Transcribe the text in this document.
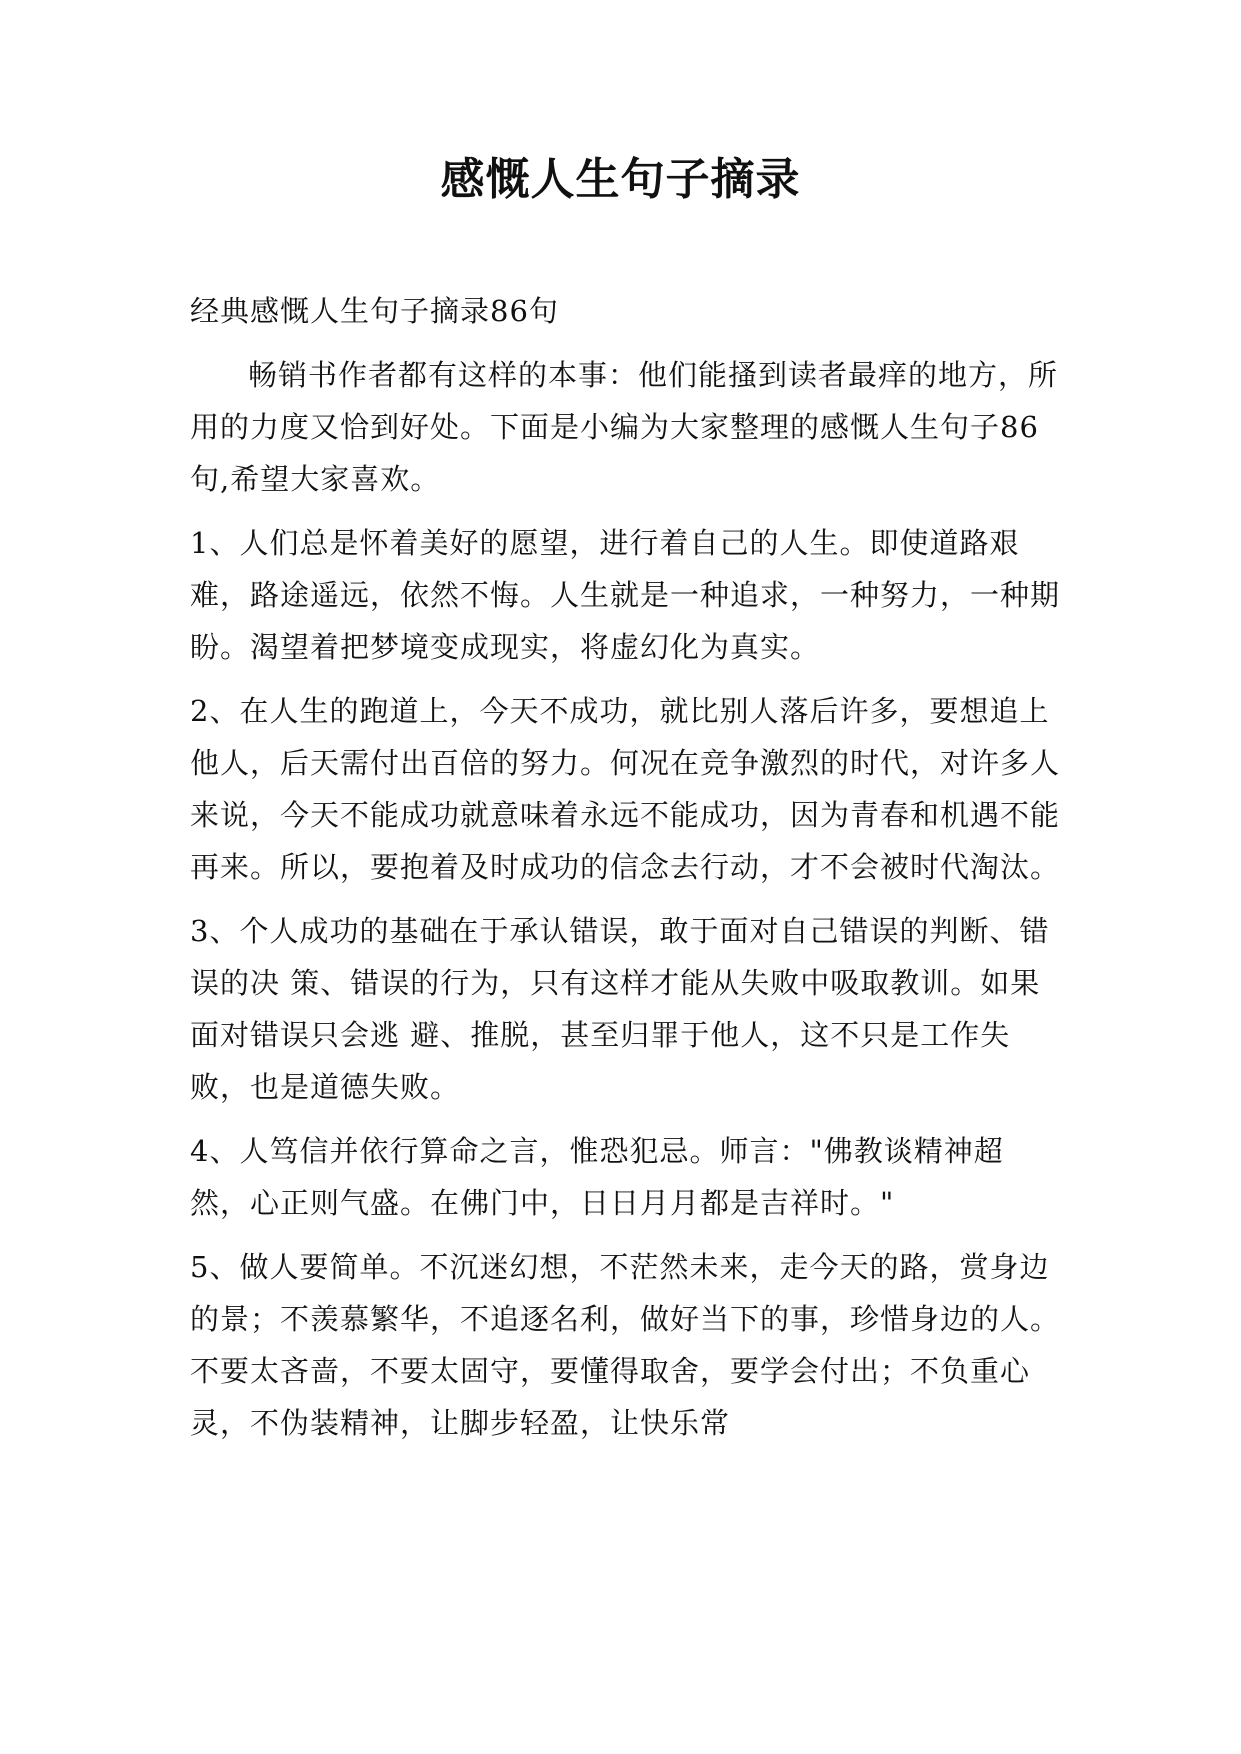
感慨人生句子摘录

经典感慨人生句子摘录86句

畅销书作者都有这样的本事：他们能搔到读者最痒的地方，所用的力度又恰到好处。下面是小编为大家整理的感慨人生句子86句,希望大家喜欢。

1、人们总是怀着美好的愿望，进行着自己的人生。即使道路艰难，路途遥远，依然不悔。人生就是一种追求，一种努力，一种期盼。渴望着把梦境变成现实，将虚幻化为真实。

2、在人生的跑道上，今天不成功，就比别人落后许多，要想追上他人，后天需付出百倍的努力。何况在竞争激烈的时代，对许多人来说，今天不能成功就意味着永远不能成功，因为青春和机遇不能再来。所以，要抱着及时成功的信念去行动，才不会被时代淘汰。

3、个人成功的基础在于承认错误，敢于面对自己错误的判断、错误的决 策、错误的行为，只有这样才能从失败中吸取教训。如果面对错误只会逃 避、推脱，甚至归罪于他人，这不只是工作失败，也是道德失败。

4、人笃信并依行算命之言，惟恐犯忌。师言："佛教谈精神超然，心正则气盛。在佛门中，日日月月都是吉祥时。"

5、做人要简单。不沉迷幻想，不茫然未来，走今天的路，赏身边的景；不羡慕繁华，不追逐名利，做好当下的事，珍惜身边的人。不要太吝啬，不要太固守，要懂得取舍，要学会付出；不负重心灵，不伪装精神，让脚步轻盈，让快乐常
